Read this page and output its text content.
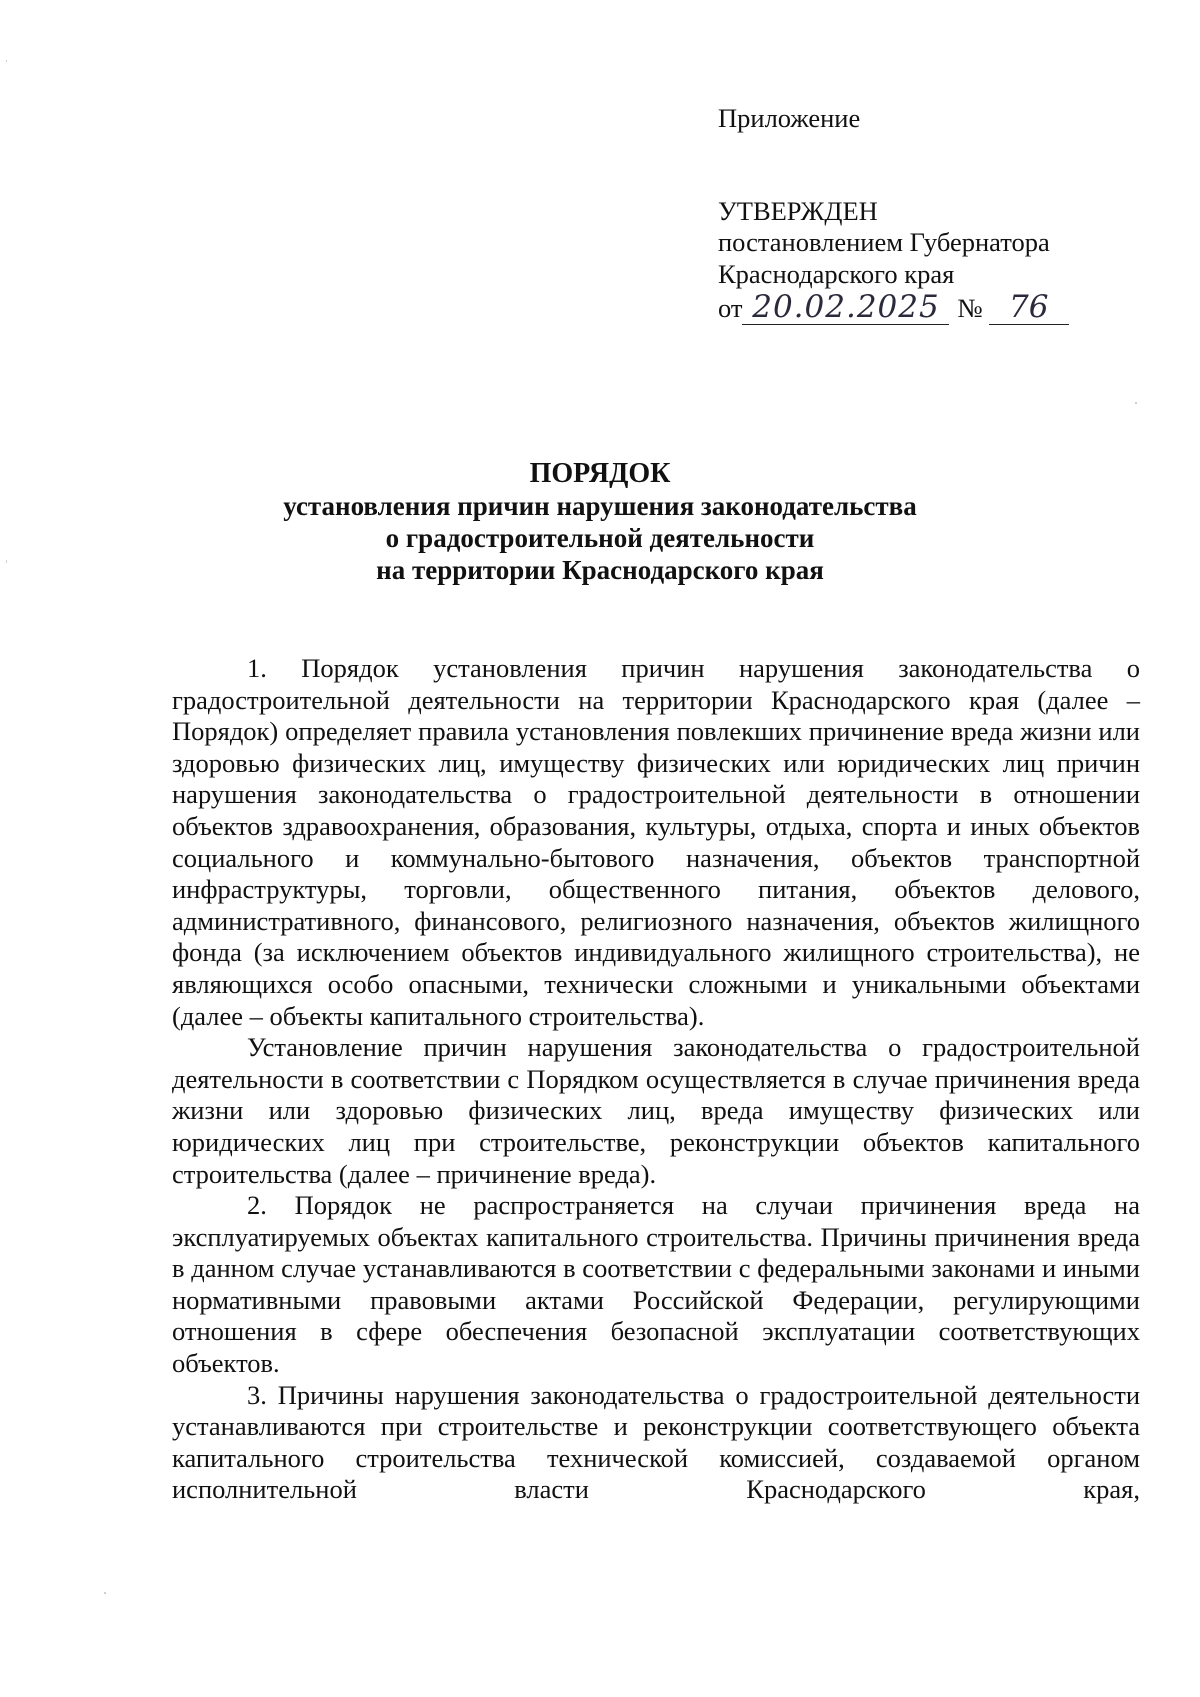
Приложение
УТВЕРЖДЕН
постановлением Губернатора
Краснодарского края
от 20.02.2025 № 76
ПОРЯДОК
установления причин нарушения законодательства
о градостроительной деятельности
на территории Краснодарского края

1. Порядок установления причин нарушения законодательства о градостроительной деятельности на территории Краснодарского края (далее – Порядок) определяет правила установления повлекших причинение вреда жизни или здоровью физических лиц, имуществу физических или юридических лиц причин нарушения законодательства о градостроительной деятельности в отношении объектов здравоохранения, образования, культуры, отдыха, спорта и иных объектов социального и коммунально-бытового назначения, объектов транспортной инфраструктуры, торговли, общественного питания, объектов делового, административного, финансового, религиозного назначения, объектов жилищного фонда (за исключением объектов индивидуального жилищного строительства), не являющихся особо опасными, технически сложными и уникальными объектами (далее – объекты капитального строительства).

Установление причин нарушения законодательства о градостроительной деятельности в соответствии с Порядком осуществляется в случае причинения вреда жизни или здоровью физических лиц, вреда имуществу физических или юридических лиц при строительстве, реконструкции объектов капитального строительства (далее – причинение вреда).

2. Порядок не распространяется на случаи причинения вреда на эксплуатируемых объектах капитального строительства. Причины причинения вреда в данном случае устанавливаются в соответствии с федеральными законами и иными нормативными правовыми актами Российской Федерации, регулирующими отношения в сфере обеспечения безопасной эксплуатации соответствующих объектов.

3. Причины нарушения законодательства о градостроительной деятельности устанавливаются при строительстве и реконструкции соответствующего объекта капитального строительства технической комиссией, создаваемой органом исполнительной власти Краснодарского края,
